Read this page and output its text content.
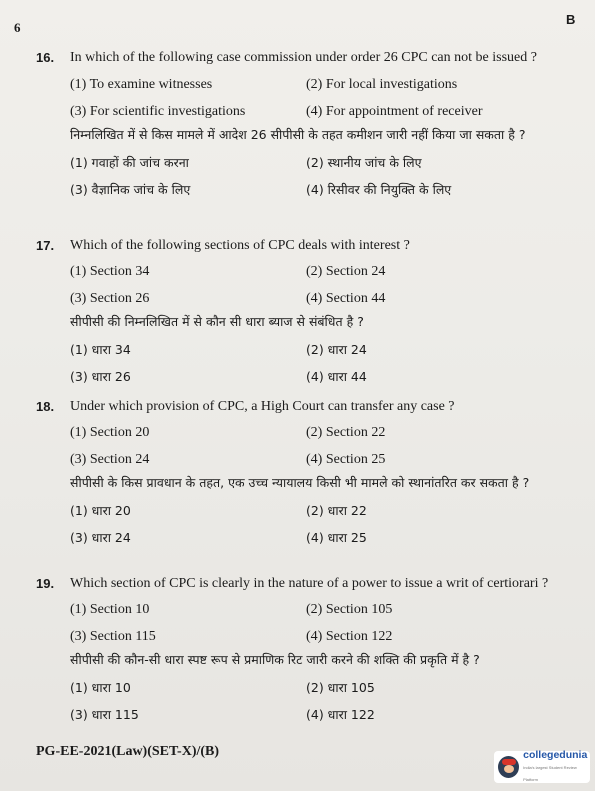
6
B
16.	In which of the following case commission under order 26 CPC can not be issued ?
(1) To examine witnesses	(2) For local investigations
(3) For scientific investigations	(4) For appointment of receiver
निम्नलिखित में से किस मामले में आदेश 26 सीपीसी के तहत कमीशन जारी नहीं किया जा सकता है ?
(1) गवाहों की जांच करना	(2) स्थानीय जांच के लिए
(3) वैज्ञानिक जांच के लिए	(4) रिसीवर की नियुक्ति के लिए
17.	Which of the following sections of CPC deals with interest ?
(1) Section 34	(2) Section 24
(3) Section 26	(4) Section 44
सीपीसी की निम्नलिखित में से कौन सी धारा ब्याज से संबंधित है ?
(1) धारा 34	(2) धारा 24
(3) धारा 26	(4) धारा 44
18.	Under which provision of CPC, a High Court can transfer any case ?
(1) Section 20	(2) Section 22
(3) Section 24	(4) Section 25
सीपीसी के किस प्रावधान के तहत, एक उच्च न्यायालय किसी भी मामले को स्थानांतरित कर सकता है ?
(1) धारा 20	(2) धारा 22
(3) धारा 24	(4) धारा 25
19.	Which section of CPC is clearly in the nature of a power to issue a writ of certiorari ?
(1) Section 10	(2) Section 105
(3) Section 115	(4) Section 122
सीपीसी की कौन-सी धारा स्पष्ट रूप से प्रमाणिक रिट जारी करने की शक्ति की प्रकृति में है ?
(1) धारा 10	(2) धारा 105
(3) धारा 115	(4) धारा 122
PG-EE-2021(Law)(SET-X)/(B)	collegedunia
India's largest Student Review Platform
